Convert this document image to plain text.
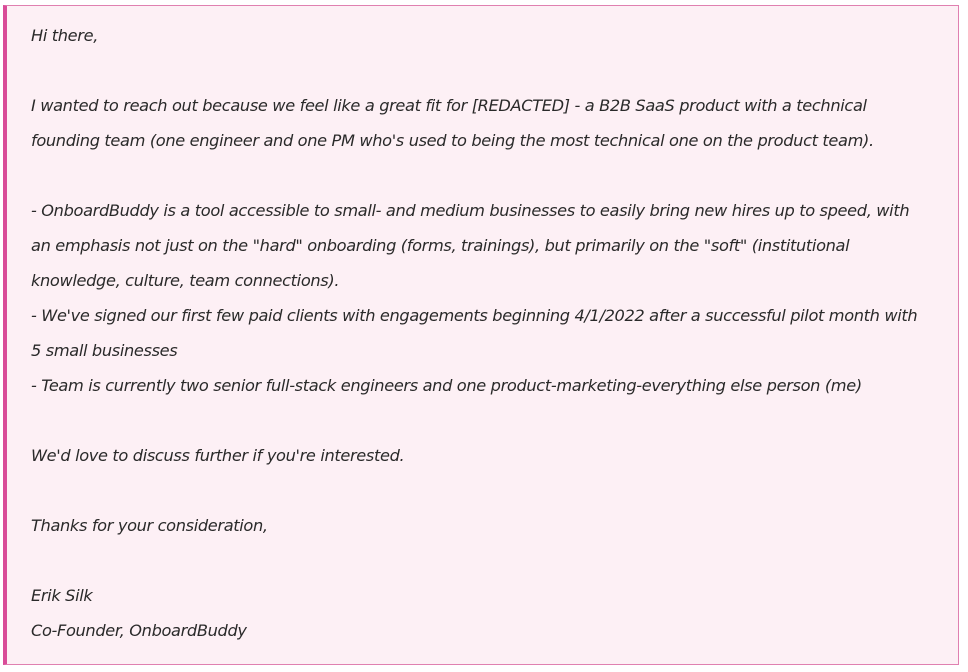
Hi there,
I wanted to reach out because we feel like a great fit for [REDACTED] - a B2B SaaS product with a technical
founding team (one engineer and one PM who's used to being the most technical one on the product team).
- OnboardBuddy is a tool accessible to small- and medium businesses to easily bring new hires up to speed, with
an emphasis not just on the "hard" onboarding (forms, trainings), but primarily on the "soft" (institutional
knowledge, culture, team connections).
- We've signed our first few paid clients with engagements beginning 4/1/2022 after a successful pilot month with
5 small businesses
- Team is currently two senior full-stack engineers and one product-marketing-everything else person (me)
We'd love to discuss further if you're interested.
Thanks for your consideration,
Erik Silk
Co-Founder, OnboardBuddy
